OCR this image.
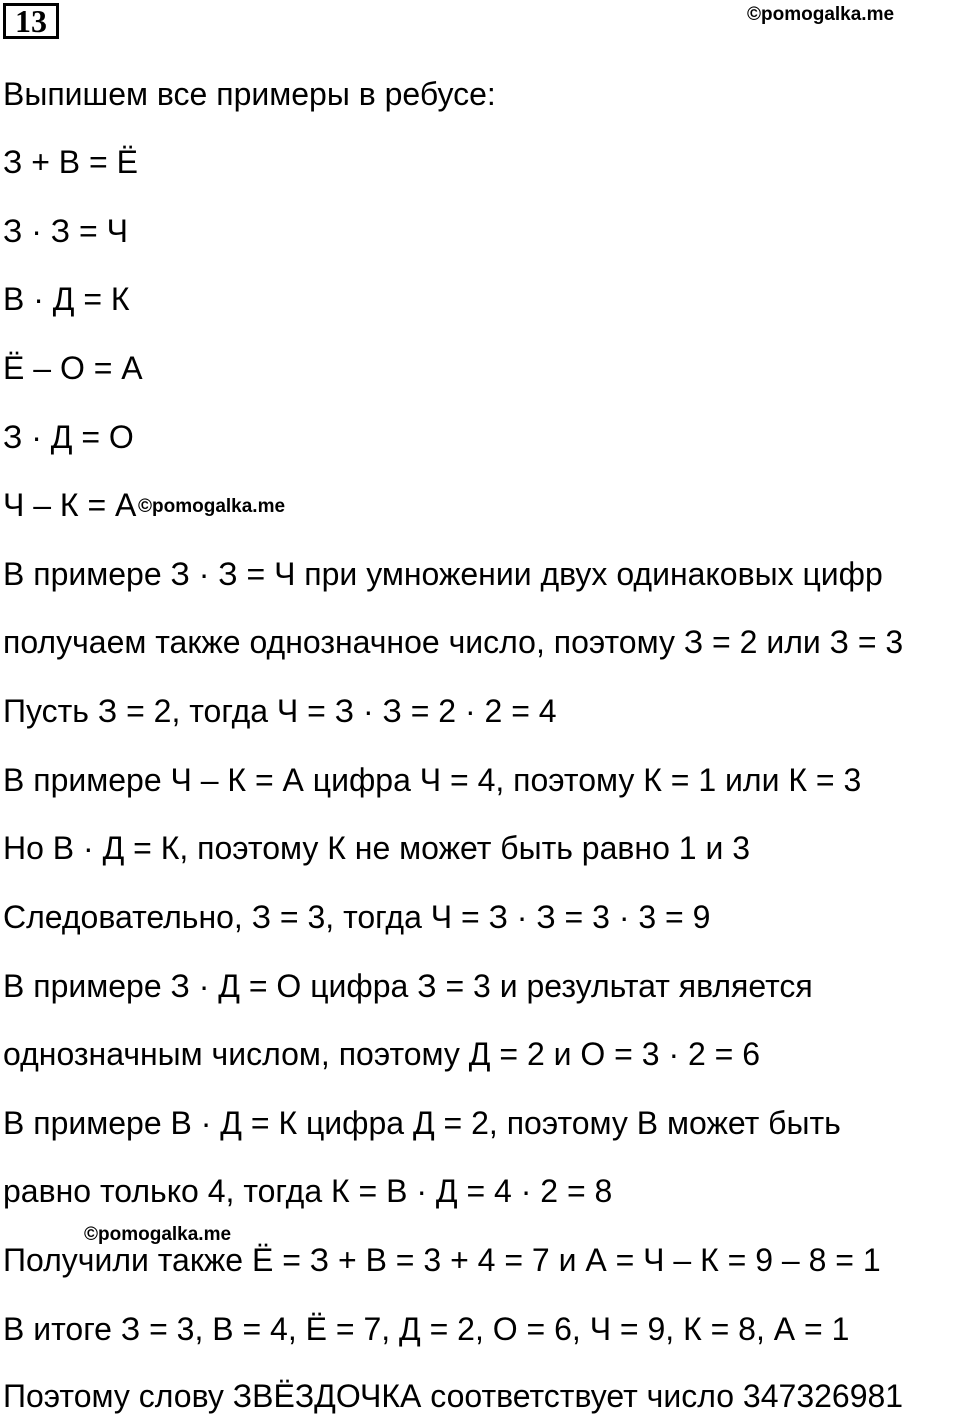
13	©pomogalka.me
Выпишем все примеры в ребусе:
З + В = Ё
З · З = Ч
В · Д = К
Ё – О = А
З · Д = О
Ч – К = А ©pomogalka.me
В примере З · З = Ч при умножении двух одинаковых цифр
получаем также однозначное число, поэтому З = 2 или З = 3
Пусть З = 2, тогда Ч = З · З = 2 · 2 = 4
В примере Ч – К = А цифра Ч = 4, поэтому К = 1 или К = 3
Но В · Д = К, поэтому К не может быть равно 1 и 3
Следовательно, З = 3, тогда Ч = З · З = 3 · 3 = 9
В примере З · Д = О цифра З = 3 и результат является
однозначным числом, поэтому Д = 2 и О = 3 · 2 = 6
В примере В · Д = К цифра Д = 2, поэтому В может быть
равно только 4, тогда К = В · Д = 4 · 2 = 8
©pomogalka.me
Получили также Ё = З + В = 3 + 4 = 7 и А = Ч – К = 9 – 8 = 1
В итоге З = 3, В = 4, Ё = 7, Д = 2, О = 6, Ч = 9, К = 8, А = 1
Поэтому слову ЗВЁЗДОЧКА соответствует число 347326981
